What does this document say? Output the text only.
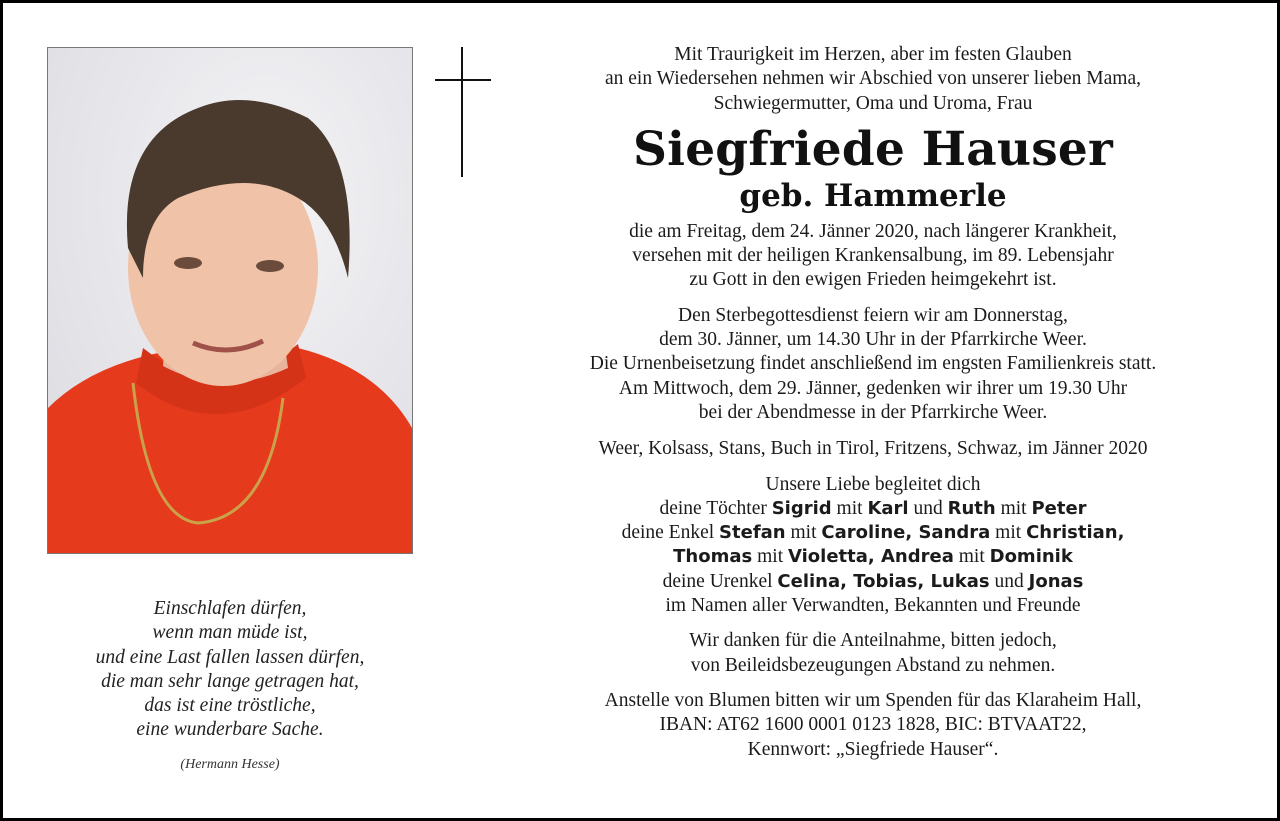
Mit Traurigkeit im Herzen, aber im festen Glauben

an ein Wiedersehen nehmen wir Abschied von unserer lieben Mama,

Schwiegermutter, Oma und Uroma, Frau

Siegfriede Hauser

geb. Hammerle

die am Freitag, dem 24. Jänner 2020, nach längerer Krankheit,

versehen mit der heiligen Krankensalbung, im 89. Lebensjahr

zu Gott in den ewigen Frieden heimgekehrt ist.

Den Sterbegottesdienst feiern wir am Donnerstag,

dem 30. Jänner, um 14.30 Uhr in der Pfarrkirche Weer.

Die Urnenbeisetzung findet anschließend im engsten Familienkreis statt.

Am Mittwoch, dem 29. Jänner, gedenken wir ihrer um 19.30 Uhr

bei der Abendmesse in der Pfarrkirche Weer.

Weer, Kolsass, Stans, Buch in Tirol, Fritzens, Schwaz, im Jänner 2020

Unsere Liebe begleitet dich

deine Töchter Sigrid mit Karl und Ruth mit Peter

deine Enkel Stefan mit Caroline, Sandra mit Christian,

Thomas mit Violetta, Andrea mit Dominik

deine Urenkel Celina, Tobias, Lukas und Jonas

im Namen aller Verwandten, Bekannten und Freunde

Wir danken für die Anteilnahme, bitten jedoch,

von Beileidsbezeugungen Abstand zu nehmen.

Anstelle von Blumen bitten wir um Spenden für das Klaraheim Hall,

IBAN: AT62 1600 0001 0123 1828, BIC: BTVAAT22,

Kennwort: „Siegfriede Hauser“.

Einschlafen dürfen,
wenn man müde ist,
und eine Last fallen lassen dürfen,
die man sehr lange getragen hat,
das ist eine tröstliche,
eine wunderbare Sache.
(Hermann Hesse)
